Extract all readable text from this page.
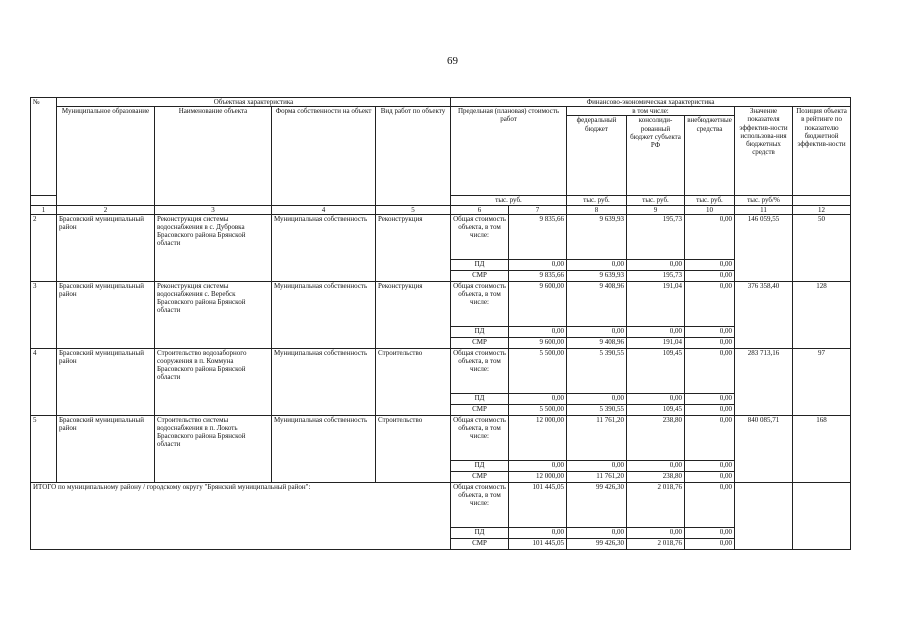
69
№	Объектная характеристика				Финансово-экономическая характеристика						
	Муниципальное образование	Наименование объекта	Форма собственности на объект	Вид работ по объекту	Предельная (плановая) стоимость работ		в том числе:			Значение показателя эффектив-ности использова-ния бюджетных средств	Позиция объекта в рейтинге по показателю бюджетной эффектив-ности
							федеральный бюджет	консолиди-рованный бюджет субъекта РФ	внебюджетные средства		
					тыс. руб.		тыс. руб.	тыс. руб.	тыс. руб.	тыс. руб/%	
1	2	3	4	5	6	7	8	9	10	11	12
2	Брасовский муниципальный район	Реконструкция системы водоснабжения в с. Дубровка Брасовского района Брянской области	Муниципальная собственность	Реконструкция	Общая стоимость объекта, в том числе:	9 835,66	9 639,93	195,73	0,00	146 059,55	50
					ПД	0,00	0,00	0,00	0,00		
					СМР	9 835,66	9 639,93	195,73	0,00		
3	Брасовский муниципальный район	Реконструкция системы водоснабжения с. Веребск Брасовского района Брянской области	Муниципальная собственность	Реконструкция	Общая стоимость объекта, в том числе:	9 600,00	9 408,96	191,04	0,00	376 358,40	128
					ПД	0,00	0,00	0,00	0,00		
					СМР	9 600,00	9 408,96	191,04	0,00		
4	Брасовский муниципальный район	Строительство водозаборного сооружения в п. Коммуна Брасовского района Брянской области	Муниципальная собственность	Строительство	Общая стоимость объекта, в том числе:	5 500,00	5 390,55	109,45	0,00	283 713,16	97
					ПД	0,00	0,00	0,00	0,00		
					СМР	5 500,00	5 390,55	109,45	0,00		
5	Брасовский муниципальный район	Строительство системы водоснабжения в п. Локоть Брасовского района Брянской области	Муниципальная собственность	Строительство	Общая стоимость объекта, в том числе:	12 000,00	11 761,20	238,80	0,00	840 085,71	168
					ПД	0,00	0,00	0,00	0,00		
					СМР	12 000,00	11 761,20	238,80	0,00		
ИТОГО по муниципальному району / городскому округу "Брянский муниципальный район":					Общая стоимость объекта, в том числе:	101 445,05	99 426,30	2 018,76	0,00		
					ПД	0,00	0,00	0,00	0,00		
					СМР	101 445,05	99 426,30	2 018,76	0,00		
